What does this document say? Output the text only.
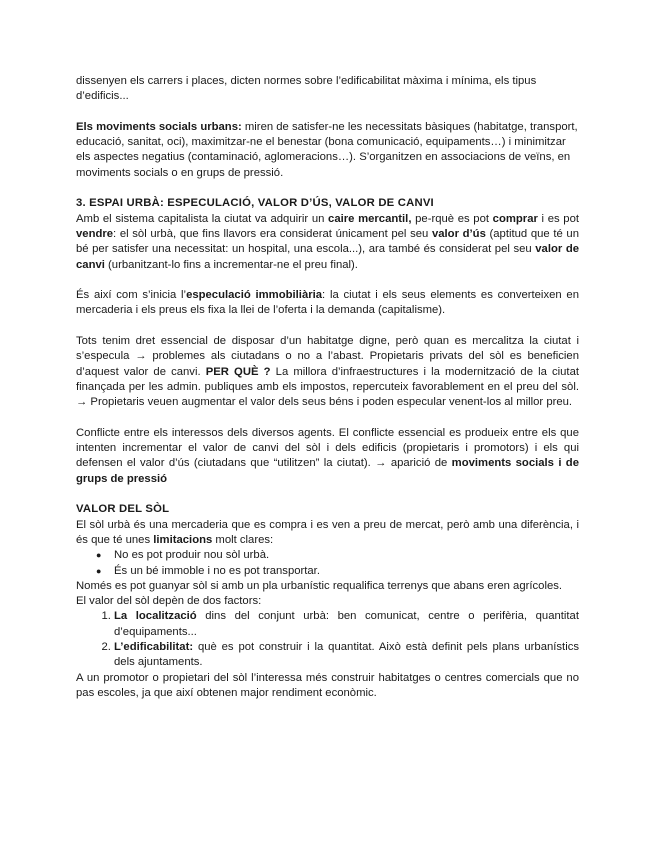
dissenyen els carrers i places, dicten normes sobre l’edificabilitat màxima i mínima, els tipus d’edificis...

Els moviments socials urbans: miren de satisfer-ne les necessitats bàsiques (habitatge, transport, educació, sanitat, oci), maximitzar-ne el benestar (bona comunicació, equipaments…) i minimitzar els aspectes negatius (contaminació, aglomeracions…). S’organitzen en associacions de veïns, en moviments socials o en grups de pressió.

3. ESPAI URBÀ: ESPECULACIÓ, VALOR D’ÚS, VALOR DE CANVI

Amb el sistema capitalista la ciutat va adquirir un caire mercantil, pe-rquè es pot comprar i es pot vendre: el sòl urbà, que fins llavors era considerat únicament pel seu valor d’ús (aptitud que té un bé per satisfer una necessitat: un hospital, una escola...), ara també és considerat pel seu valor de canvi (urbanitzant-lo fins a incrementar-ne el preu final).

És així com s’inicia l’especulació immobiliària: la ciutat i els seus elements es converteixen en mercaderia i els preus els fixa la llei de l’oferta i la demanda (capitalisme).

Tots tenim dret essencial de disposar d’un habitatge digne, però quan es mercalitza la ciutat i s’especula → problemes als ciutadans o no a l’abast. Propietaris privats del sòl es beneficien d’aquest valor de canvi. PER QUÈ ? La millora d’infraestructures i la modernització de la ciutat finançada per les admin. publiques amb els impostos, repercuteix favorablement en el preu del sòl. → Propietaris veuen augmentar el valor dels seus béns i poden especular venent-los al millor preu.

Conflicte entre els interessos dels diversos agents. El conflicte essencial es produeix entre els que intenten incrementar el valor de canvi del sòl i dels edificis (propietaris i promotors) i els qui defensen el valor d’ús (ciutadans que “utilitzen” la ciutat). → aparició de moviments socials i de grups de pressió

VALOR DEL SÒL

El sòl urbà és una mercaderia que es compra i es ven a preu de mercat, però amb una diferència, i és que té unes limitacions molt clares:

● No es pot produir nou sòl urbà.
● És un bé immoble i no es pot transportar.

Només es pot guanyar sòl si amb un pla urbanístic requalifica terrenys que abans eren agrícoles.

El valor del sòl depèn de dos factors:

1. La localització dins del conjunt urbà: ben comunicat, centre o perifèria, quantitat d’equipaments...
2. L’edificabilitat: què es pot construir i la quantitat. Això està definit pels plans urbanístics dels ajuntaments.

A un promotor o propietari del sòl l’interessa més construir habitatges o centres comercials que no pas escoles, ja que així obtenen major rendiment econòmic.
